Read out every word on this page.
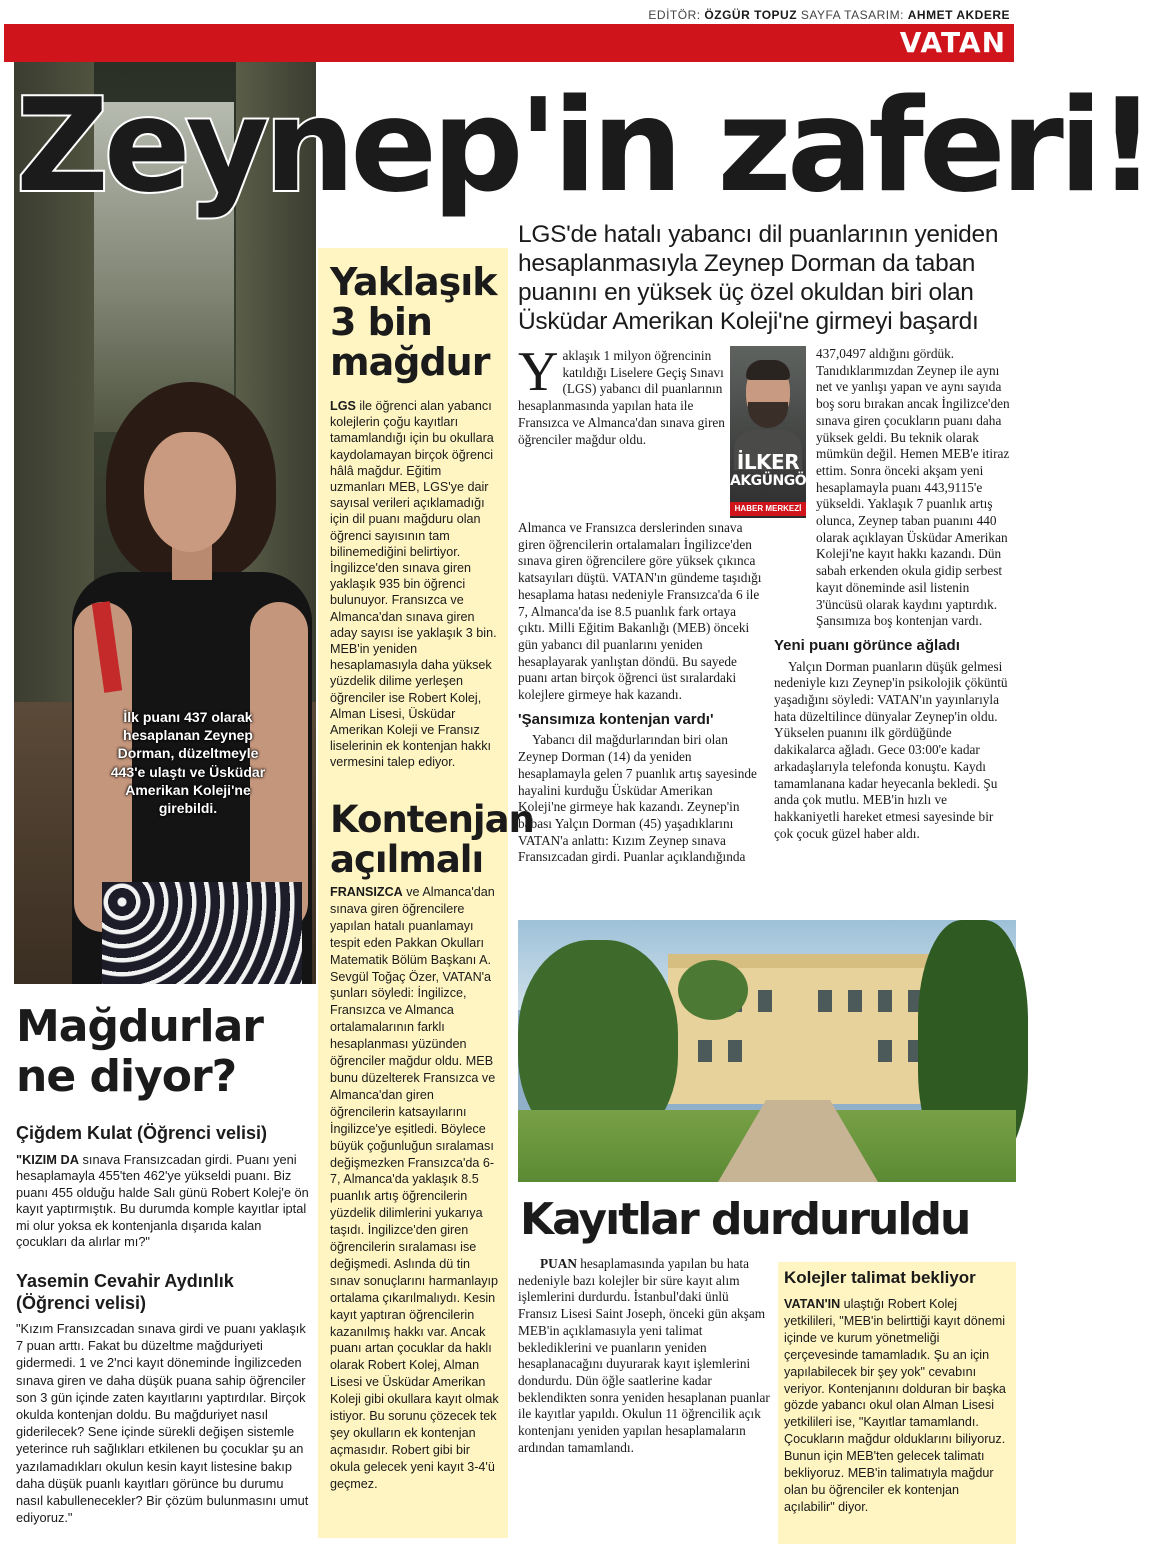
EDİTÖR: ÖZGÜR TOPUZ SAYFA TASARIM: AHMET AKDERE
VATAN
İlk puanı 437 olarak hesaplanan Zeynep Dorman, düzeltmeyle 443'e ulaştı ve Üsküdar Amerikan Koleji'ne girebildi.
Zeynep'in zaferi!
Yaklaşık 3 bin mağdur
LGS ile öğrenci alan yabancı kolejlerin çoğu kayıtları tamamlandığı için bu okullara kaydolamayan birçok öğrenci hâlâ mağdur. Eğitim uzmanları MEB, LGS'ye dair sayısal verileri açıklamadığı için dil puanı mağduru olan öğrenci sayısının tam bilinemediğini belirtiyor. İngilizce'den sınava giren yaklaşık 935 bin öğrenci bulunuyor. Fransızca ve Almanca'dan sınava giren aday sayısı ise yaklaşık 3 bin. MEB'in yeniden hesaplamasıyla daha yüksek yüzdelik dilime yerleşen öğrenciler ise Robert Kolej, Alman Lisesi, Üsküdar Amerikan Koleji ve Fransız liselerinin ek kontenjan hakkı vermesini talep ediyor.
Kontenjan açılmalı
FRANSIZCA ve Almanca'dan sınava giren öğrencilere yapılan hatalı puanlamayı tespit eden Pakkan Okulları Matematik Bölüm Başkanı A. Sevgül Toğaç Özer, VATAN'a şunları söyledi: İngilizce, Fransızca ve Almanca ortalamalarının farklı hesaplanması yüzünden öğrenciler mağdur oldu. MEB bunu düzelterek Fransızca ve Almanca'dan giren öğrencilerin katsayılarını İngilizce'ye eşitledi. Böylece büyük çoğunluğun sıralaması değişmezken Fransızca'da 6-7, Almanca'da yaklaşık 8.5 puanlık artış öğrencilerin yüzdelik dilimlerini yukarıya taşıdı. İngilizce'den giren öğrencilerin sıralaması ise değişmedi. Aslında dü tin sınav sonuçlarını harmanlayıp ortalama çıkarılmalıydı. Kesin kayıt yaptıran öğrencilerin kazanılmış hakkı var. Ancak puanı artan çocuklar da haklı olarak Robert Kolej, Alman Lisesi ve Üsküdar Amerikan Koleji gibi okullara kayıt olmak istiyor. Bu sorunu çözecek tek şey okulların ek kontenjan açmasıdır. Robert gibi bir okula gelecek yeni kayıt 3-4'ü geçmez.
LGS'de hatalı yabancı dil puanlarının yeniden hesaplanmasıyla Zeynep Dorman da taban puanını en yüksek üç özel okuldan biri olan Üsküdar Amerikan Koleji'ne girmeyi başardı
Yaklaşık 1 milyon öğrencinin katıldığı Liselere Geçiş Sınavı (LGS) yabancı dil puanlarının hesaplanmasında yapılan hata ile Fransızca ve Almanca'dan sınava giren öğrenciler mağdur oldu.
Almanca ve Fransızca derslerinden sınava giren öğrencilerin ortalamaları İngilizce'den sınava giren öğrencilere göre yüksek çıkınca katsayıları düştü. VATAN'ın gündeme taşıdığı hesaplama hatası nedeniyle Fransızca'da 6 ile 7, Almanca'da ise 8.5 puanlık fark ortaya çıktı. Milli Eğitim Bakanlığı (MEB) önceki gün yabancı dil puanlarını yeniden hesaplayarak yanlıştan döndü. Bu sayede puanı artan birçok öğrenci üst sıralardaki kolejlere girmeye hak kazandı.
'Şansımıza kontenjan vardı'
Yabancı dil mağdurlarından biri olan Zeynep Dorman (14) da yeniden hesaplamayla gelen 7 puanlık artış sayesinde hayalini kurduğu Üsküdar Amerikan Koleji'ne girmeye hak kazandı. Zeynep'in babası Yalçın Dorman (45) yaşadıklarını VATAN'a anlattı: Kızım Zeynep sınava Fransızcadan girdi. Puanlar açıklandığında
İLKER
AKGÜNGÖR
HABER MERKEZİ
437,0497 aldığını gördük. Tanıdıklarımızdan Zeynep ile aynı net ve yanlışı yapan ve aynı sayıda boş soru bırakan ancak İngilizce'den sınava giren çocukların puanı daha yüksek geldi. Bu teknik olarak mümkün değil. Hemen MEB'e itiraz ettim. Sonra önceki akşam yeni hesaplamayla puanı 443,9115'e yükseldi. Yaklaşık 7 puanlık artış olunca, Zeynep taban puanını 440 olarak açıklayan Üsküdar Amerikan Koleji'ne kayıt hakkı kazandı. Dün sabah erkenden okula gidip serbest kayıt döneminde asil listenin 3'üncüsü olarak kaydını yaptırdık. Şansımıza boş kontenjan vardı.
Yeni puanı görünce ağladı
Yalçın Dorman puanların düşük gelmesi nedeniyle kızı Zeynep'in psikolojik çöküntü yaşadığını söyledi: VATAN'ın yayınlarıyla hata düzeltilince dünyalar Zeynep'in oldu. Yükselen puanını ilk gördüğünde dakikalarca ağladı. Gece 03:00'e kadar arkadaşlarıyla telefonda konuştu. Kaydı tamamlanana kadar heyecanla bekledi. Şu anda çok mutlu. MEB'in hızlı ve hakkaniyetli hareket etmesi sayesinde bir çok çocuk güzel haber aldı.
Kayıtlar durduruldu
PUAN hesaplamasında yapılan bu hata nedeniyle bazı kolejler bir süre kayıt alım işlemlerini durdurdu. İstanbul'daki ünlü Fransız Lisesi Saint Joseph, önceki gün akşam MEB'in açıklamasıyla yeni talimat beklediklerini ve puanların yeniden hesaplanacağını duyurarak kayıt işlemlerini dondurdu. Dün öğle saatlerine kadar beklendikten sonra yeniden hesaplanan puanlar ile kayıtlar yapıldı. Okulun 11 öğrencilik açık kontenjanı yeniden yapılan hesaplamaların ardından tamamlandı.
Kolejler talimat bekliyor
VATAN'IN ulaştığı Robert Kolej yetkilileri, "MEB'in belirttiği kayıt dönemi içinde ve kurum yönetmeliği çerçevesinde tamamladık. Şu an için yapılabilecek bir şey yok" cevabını veriyor. Kontenjanını dolduran bir başka gözde yabancı okul olan Alman Lisesi yetkilileri ise, "Kayıtlar tamamlandı. Çocukların mağdur olduklarını biliyoruz. Bunun için MEB'ten gelecek talimatı bekliyoruz. MEB'in talimatıyla mağdur olan bu öğrenciler ek kontenjan açılabilir" diyor.
Mağdurlar ne diyor?
Çiğdem Kulat (Öğrenci velisi)
"KIZIM DA sınava Fransızcadan girdi. Puanı yeni hesaplamayla 455'ten 462'ye yükseldi puanı. Biz puanı 455 olduğu halde Salı günü Robert Kolej'e ön kayıt yaptırmıştık. Bu durumda komple kayıtlar iptal mi olur yoksa ek kontenjanla dışarıda kalan çocukları da alırlar mı?"
Yasemin Cevahir Aydınlık (Öğrenci velisi)
"Kızım Fransızcadan sınava girdi ve puanı yaklaşık 7 puan arttı. Fakat bu düzeltme mağduriyeti gidermedi. 1 ve 2'nci kayıt döneminde İngilizceden sınava giren ve daha düşük puana sahip öğrenciler son 3 gün içinde zaten kayıtlarını yaptırdılar. Birçok okulda kontenjan doldu. Bu mağduriyet nasıl giderilecek? Sene içinde sürekli değişen sistemle yeterince ruh sağlıkları etkilenen bu çocuklar şu an yazılamadıkları okulun kesin kayıt listesine bakıp daha düşük puanlı kayıtları görünce bu durumu nasıl kabullenecekler? Bir çözüm bulunmasını umut ediyoruz."
